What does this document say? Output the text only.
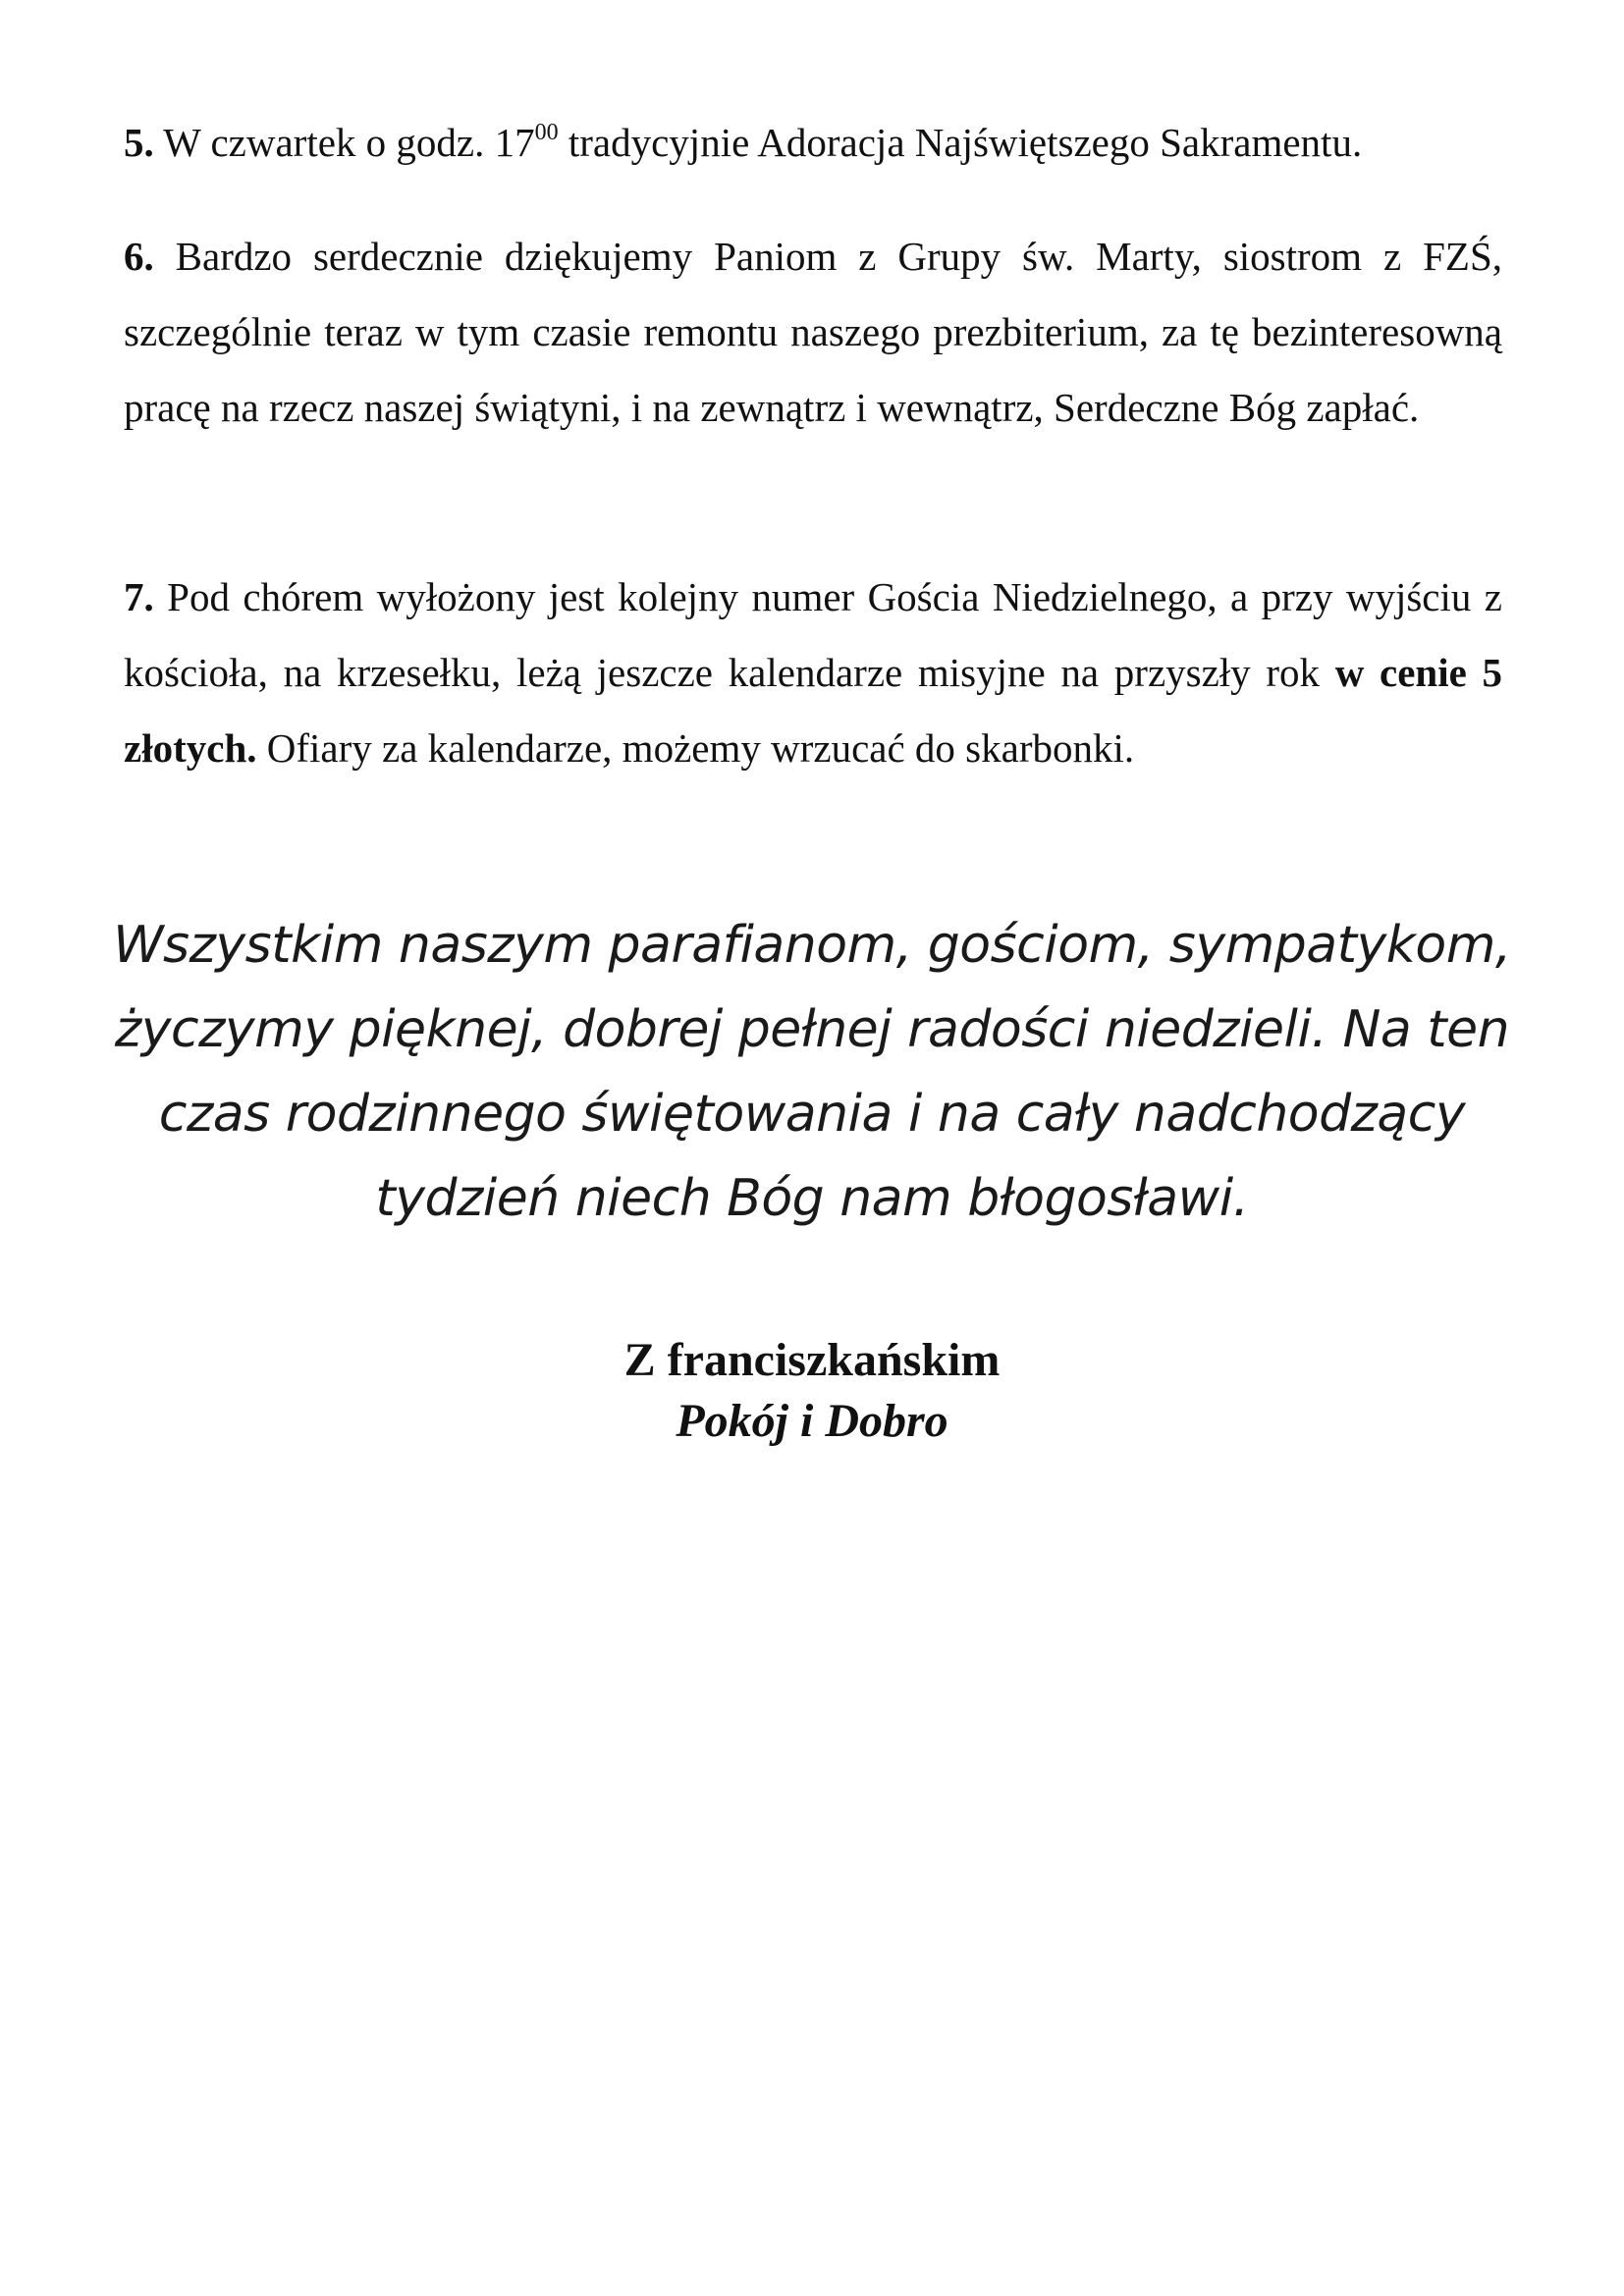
5. W czwartek o godz. $17^{00}$ tradycyjnie Adoracja Najświętszego Sakramentu.

6. Bardzo serdecznie dziękujemy Paniom z Grupy św. Marty, siostrom z FZŚ, szczególnie teraz w tym czasie remontu naszego prezbiterium, za tę bezinteresowną pracę na rzecz naszej świątyni, i na zewnątrz i wewnątrz, Serdeczne Bóg zapłać.

7. Pod chórem wyłożony jest kolejny numer Gościa Niedzielnego, a przy wyjściu z kościoła, na krzesełku, leżą jeszcze kalendarze misyjne na przyszły rok w cenie 5 złotych. Ofiary za kalendarze, możemy wrzucać do skarbonki.

Wszystkim naszym parafianom, gościom, sympatykom,
życzymy pięknej, dobrej pełnej radości niedzieli. Na ten
czas rodzinnego świętowania i na cały nadchodzący
tydzień niech Bóg nam błogosławi.

Z franciszkańskim

Pokój i Dobro
